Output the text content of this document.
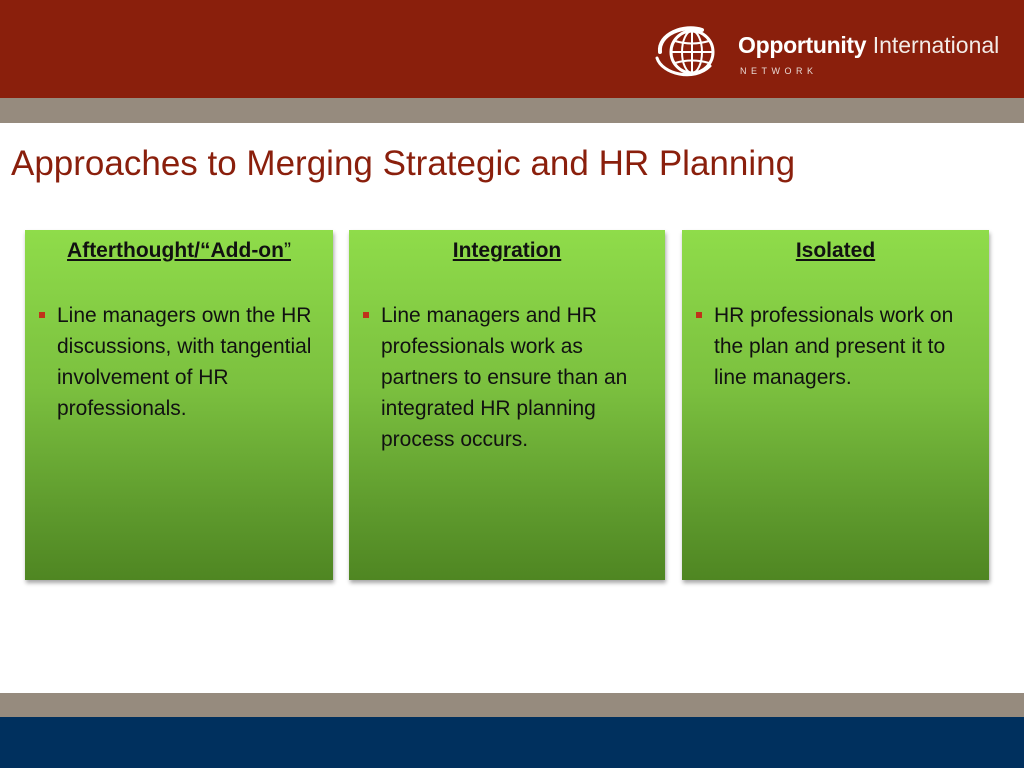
Opportunity International
NETWORK
Approaches to Merging Strategic and HR Planning

Afterthought/“Add-on”

Line managers own the HR discussions, with tangential involvement of HR professionals.

Integration

Line managers and HR professionals work as partners to ensure than an integrated HR planning process occurs.

Isolated

HR professionals work on the plan and present it to line managers.
